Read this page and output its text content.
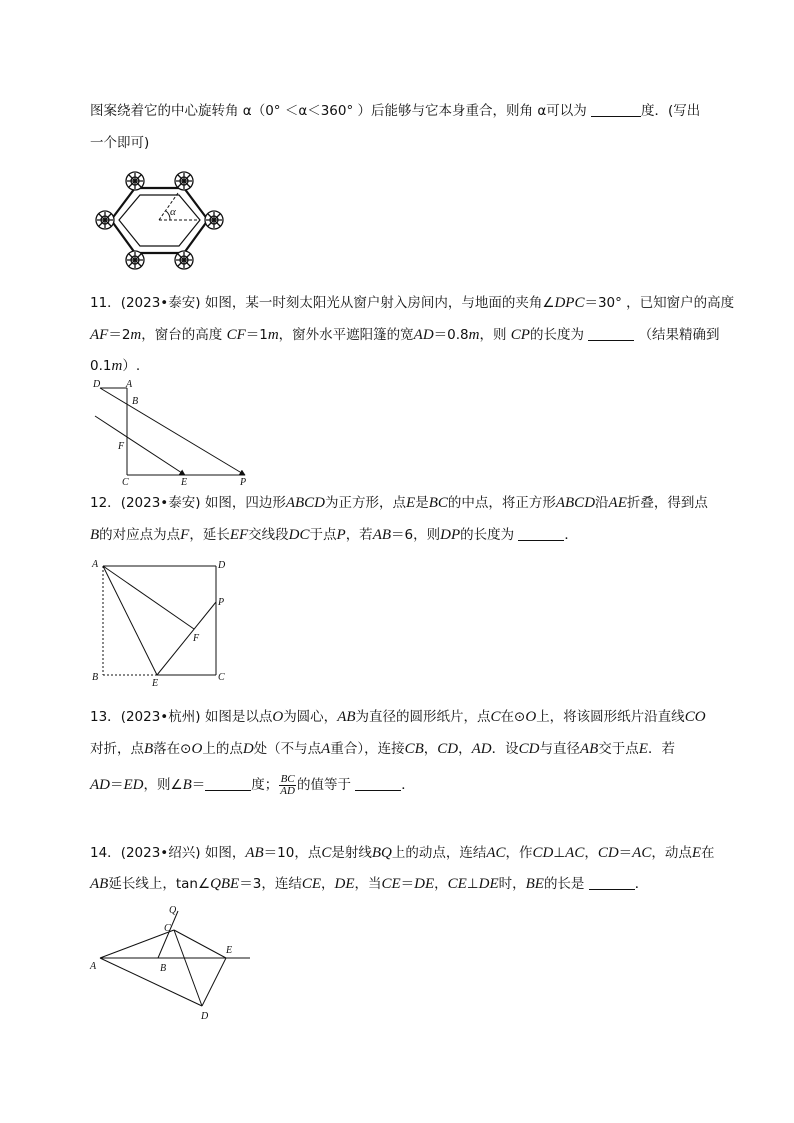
图案绕着它的中心旋转角 α（0° ＜α＜360° ）后能够与它本身重合，则角 α可以为	度．(写出
一个即可)
α
11．(2023•泰安) 如图，某一时刻太阳光从窗户射入房间内，与地面的夹角∠DPC＝30° ，已知窗户的高度
AF＝2m，窗台的高度 CF＝1m，窗外水平遮阳篷的宽AD＝0.8m，则 CP的长度为	（结果精确到
0.1m）.
D	A
B
F
C	E	P
12．(2023•泰安) 如图，四边形ABCD为正方形，点E是BC的中点，将正方形ABCD沿AE折叠，得到点
B的对应点为点F，延长EF交线段DC于点P，若AB＝6，则DP的长度为	．
A	D
P
F
B
E
C
13．(2023•杭州) 如图是以点O为圆心，AB为直径的圆形纸片，点C在⊙O上，将该圆形纸片沿直线CO
对折，点B落在⊙O上的点D处（不与点A重合），连接CB，CD，AD．设CD与直径AB交于点E．若
AD＝ED，则∠B＝	度； $\frac{BC}{AD}$ 的值等于	．
14．(2023•绍兴) 如图，AB＝10，点C是射线BQ上的动点，连结AC，作CD⊥AC，CD＝AC，动点E在
AB延长线上，tan∠QBE＝3，连结CE，DE，当CE＝DE，CE⊥DE时，BE的长是	．
Q
C
E
A	B
D
